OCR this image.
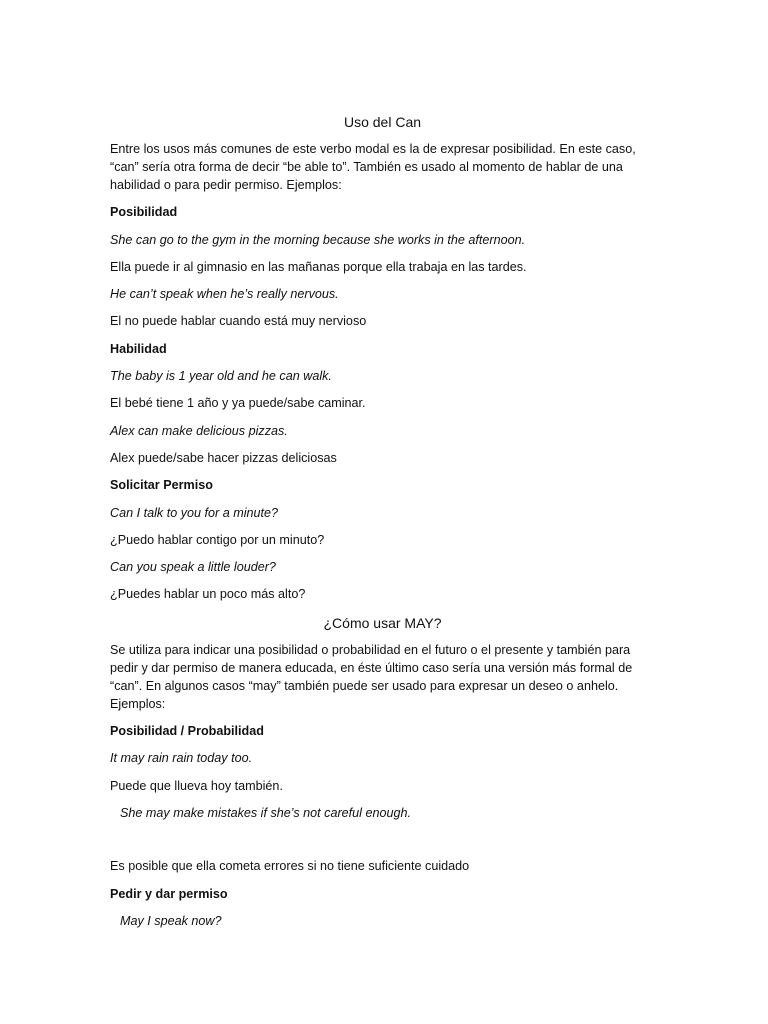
Uso del Can

Entre los usos más comunes de este verbo modal es la de expresar posibilidad. En este caso, “can” sería otra forma de decir “be able to”. También es usado al momento de hablar de una habilidad o para pedir permiso. Ejemplos:

Posibilidad

She can go to the gym in the morning because she works in the afternoon.

Ella puede ir al gimnasio en las mañanas porque ella trabaja en las tardes.

He can’t speak when he’s really nervous.

El no puede hablar cuando está muy nervioso

Habilidad

The baby is 1 year old and he can walk.

El bebé tiene 1 año y ya puede/sabe caminar.

Alex can make delicious pizzas.

Alex puede/sabe hacer pizzas deliciosas

Solicitar Permiso

Can I talk to you for a minute?

¿Puedo hablar contigo por un minuto?

Can you speak a little louder?

¿Puedes hablar un poco más alto?

¿Cómo usar MAY?

Se utiliza para indicar una posibilidad o probabilidad en el futuro o el presente y también para pedir y dar permiso de manera educada, en éste último caso sería una versión más formal de “can”. En algunos casos “may” también puede ser usado para expresar un deseo o anhelo. Ejemplos:

Posibilidad / Probabilidad

It may rain rain today too.

Puede que llueva hoy también.

She may make mistakes if she’s not careful enough.

Es posible que ella cometa errores si no tiene suficiente cuidado

Pedir y dar permiso

May I speak now?
